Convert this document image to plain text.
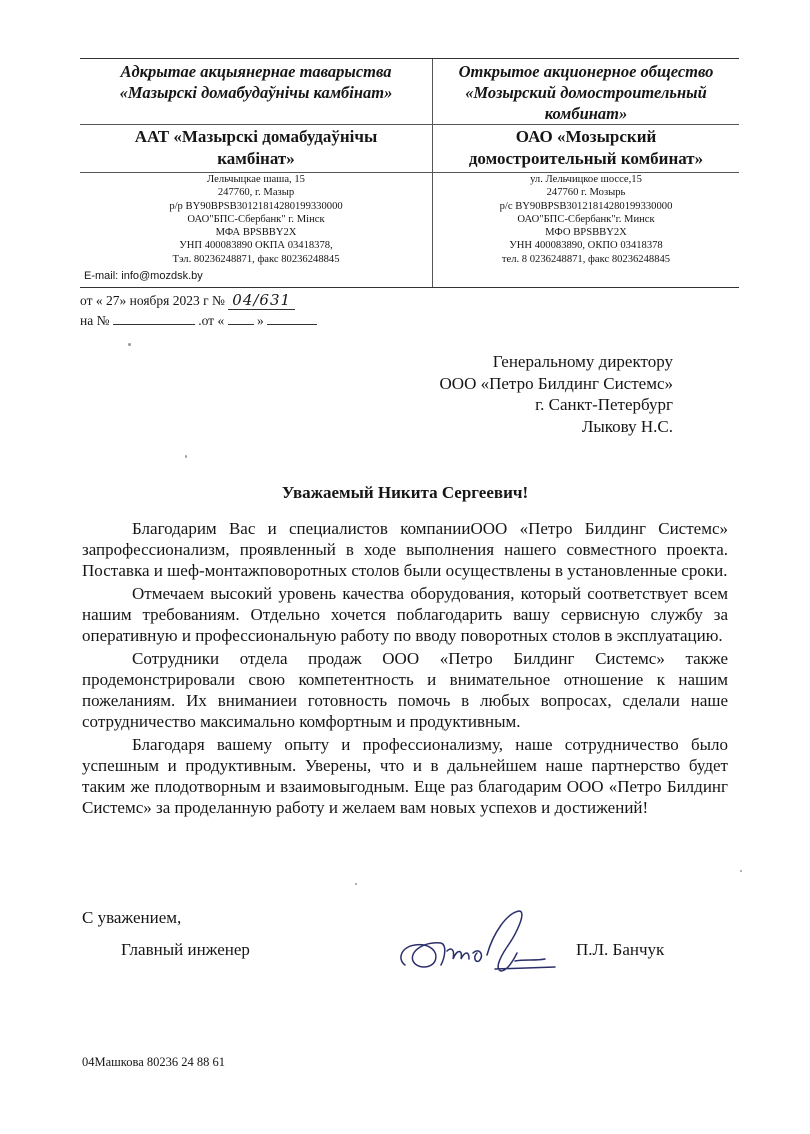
Адкрытае акцыянернае таварыства «Мазырскі домабудаўнічы камбінат»
ААТ «Мазыpскі домабудаўнічы
камбінат»
Лельчыцкае шаша, 15
247760, г. Мазыр
р/р BY90BPSB30121814280199330000
ОАО"БПС-Сбербанк" г. Мінск
МФА BPSBBY2X
УНП 400083890 ОКПА 03418378,
Тэл. 80236248871, факс 80236248845
E-mail: info@mozdsk.by
Открытое акционерное общество «Мозырский домостроительный комбинат»
ОАО «Мозырский
домостроительный комбинат»
ул. Лельчицкое шоссе,15
247760 г. Мозырь
р/с BY90BPSB30121814280199330000
ОАО"БПС-Сбербанк"г. Минск
МФО BPSBBY2X
УНН 400083890, ОКПО 03418378
тел. 8 0236248871, факс 80236248845
от « 27» ноября 2023 г № 04/631
на №	.от « »
Генеральному директору
ООО «Петро Билдинг Системс»
г. Санкт-Петербург
Лыкову Н.С.
Уважаемый Никита Сергеевич!

Благодарим Вас и специалистов компанииООО «Петро Билдинг Системс» запрофессионализм, проявленный в ходе выполнения нашего совместного проекта. Поставка и шеф-монтажповоротных столов были осуществлены в установленные сроки.

Отмечаем высокий уровень качества оборудования, который соответствует всем нашим требованиям. Отдельно хочется поблагодарить вашу сервисную службу за оперативную и профессиональную работу по вводу поворотных столов в эксплуатацию.

Сотрудники отдела продаж ООО «Петро Билдинг Системс» также продемонстрировали свою компетентность и внимательное отношение к нашим пожеланиям. Их вниманиеи готовность помочь в любых вопросах, сделали наше сотрудничество максимально комфортным и продуктивным.

Благодаря вашему опыту и профессионализму, наше сотрудничество было успешным и продуктивным. Уверены, что и в дальнейшем наше партнерство будет таким же плодотворным и взаимовыгодным. Еще раз благодарим ООО «Петро Билдинг Системс» за проделанную работу и желаем вам новых успехов и достижений!

С уважением,
Главный инженер	П.Л. Банчук
04Машкова 80236 24 88 61
